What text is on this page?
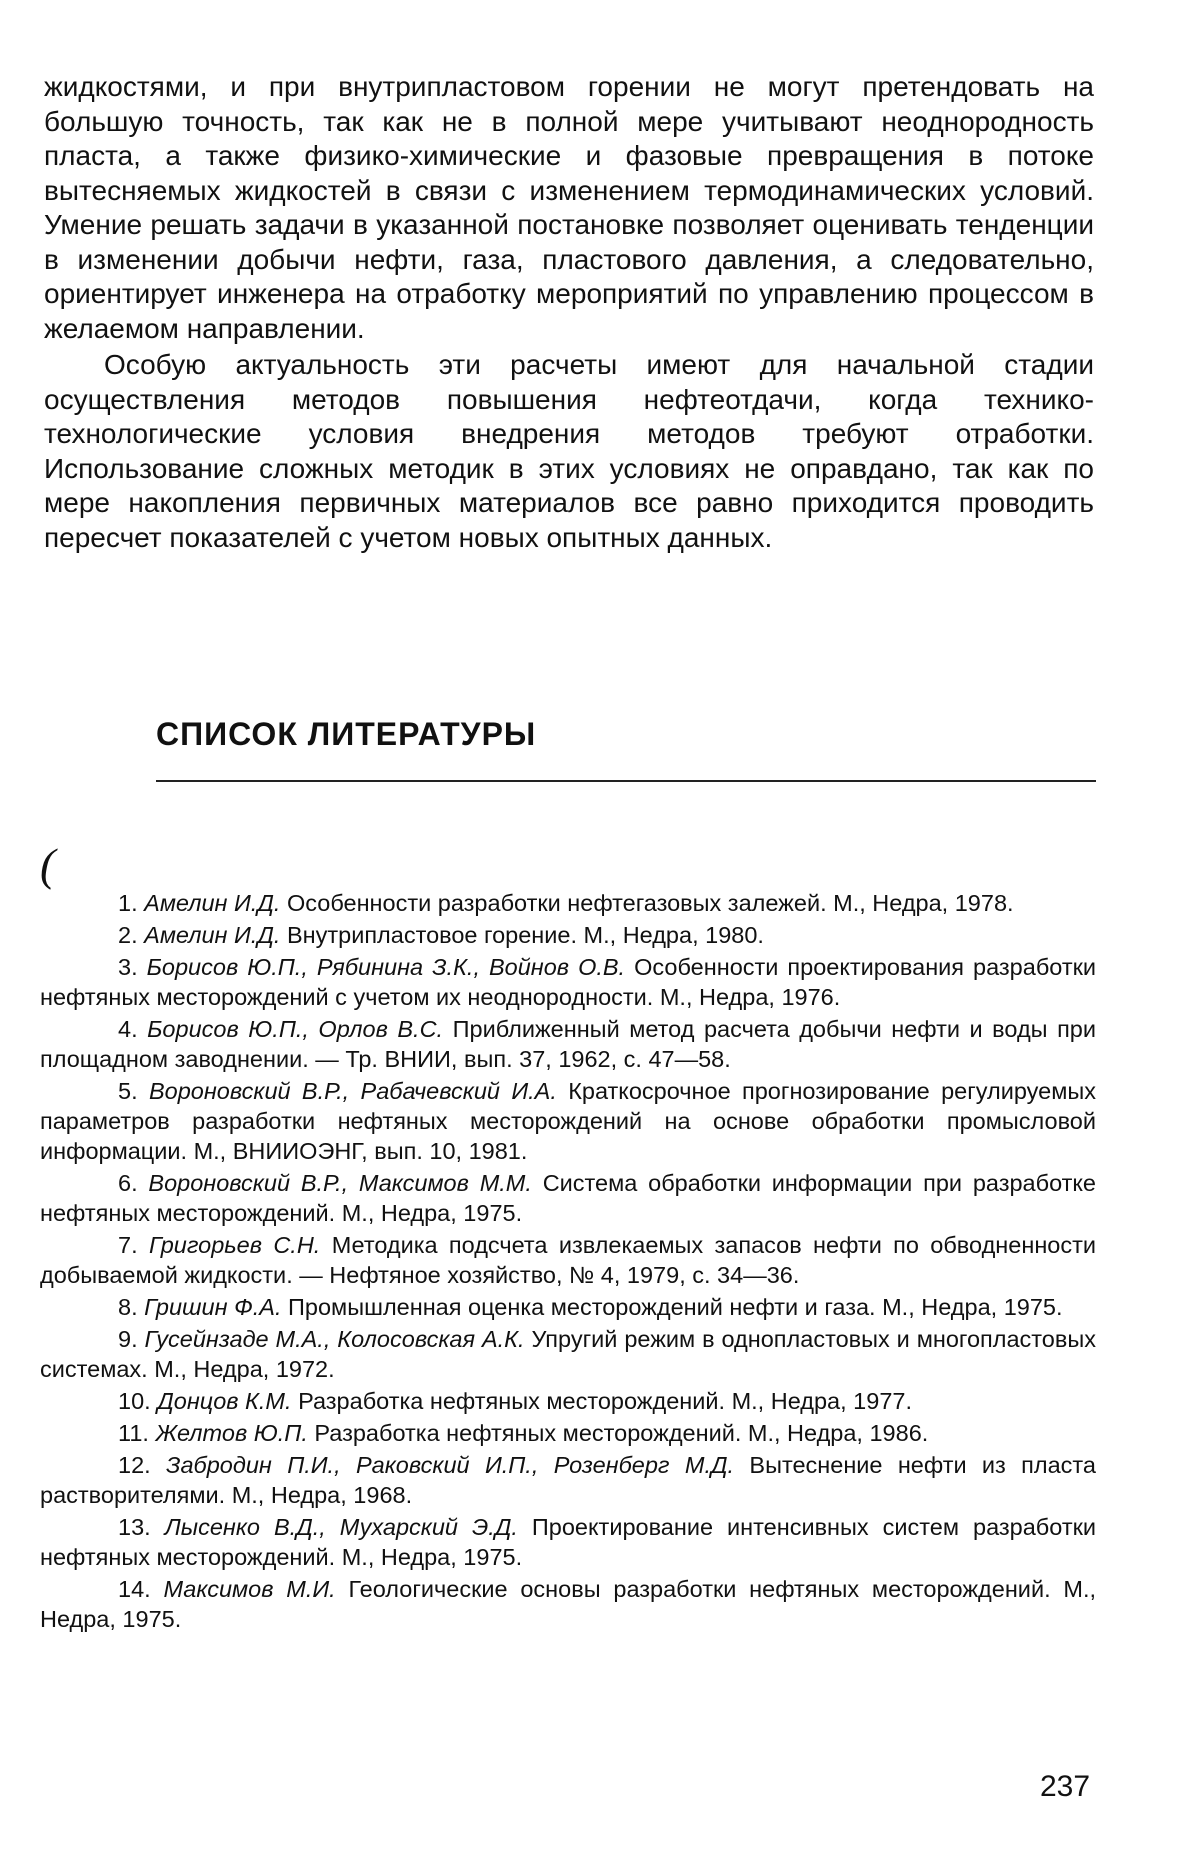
жидкостями, и при внутрипластовом горении не могут претендовать на большую точность, так как не в полной мере учитывают неоднородность пласта, а также физико-химические и фазовые превращения в потоке вытесняемых жидкостей в связи с изменением термодинамических условий. Умение решать задачи в указанной постановке позволяет оценивать тенденции в изменении добычи нефти, газа, пластового давления, а следовательно, ориентирует инженера на отработку мероприятий по управлению процессом в желаемом направлении.

Особую актуальность эти расчеты имеют для начальной стадии осуществления методов повышения нефтеотдачи, когда технико-технологические условия внедрения методов требуют отработки. Использование сложных методик в этих условиях не оправдано, так как по мере накопления первичных материалов все равно приходится проводить пересчет показателей с учетом новых опытных данных.

СПИСОК ЛИТЕРАТУРЫ
(
1. Амелин И.Д. Особенности разработки нефтегазовых залежей. М., Недра, 1978.
2. Амелин И.Д. Внутрипластовое горение. М., Недра, 1980.
3. Борисов Ю.П., Рябинина З.К., Войнов О.В. Особенности проектирования разработки нефтяных месторождений с учетом их неоднородности. М., Недра, 1976.
4. Борисов Ю.П., Орлов В.С. Приближенный метод расчета добычи нефти и воды при площадном заводнении. — Тр. ВНИИ, вып. 37, 1962, с. 47—58.
5. Вороновский В.Р., Рабачевский И.А. Краткосрочное прогнозирование регулируемых параметров разработки нефтяных месторождений на основе обработки промысловой информации. М., ВНИИОЭНГ, вып. 10, 1981.
6. Вороновский В.Р., Максимов М.М. Система обработки информации при разработке нефтяных месторождений. М., Недра, 1975.
7. Григорьев С.Н. Методика подсчета извлекаемых запасов нефти по обводненности добываемой жидкости. — Нефтяное хозяйство, № 4, 1979, с. 34—36.
8. Гришин Ф.А. Промышленная оценка месторождений нефти и газа. М., Недра, 1975.
9. Гусейнзаде М.А., Колосовская А.К. Упругий режим в однопластовых и многопластовых системах. М., Недра, 1972.
10. Донцов К.М. Разработка нефтяных месторождений. М., Недра, 1977.
11. Желтов Ю.П. Разработка нефтяных месторождений. М., Недра, 1986.
12. Забродин П.И., Раковский И.П., Розенберг М.Д. Вытеснение нефти из пласта растворителями. М., Недра, 1968.
13. Лысенко В.Д., Мухарский Э.Д. Проектирование интенсивных систем разработки нефтяных месторождений. М., Недра, 1975.
14. Максимов М.И. Геологические основы разработки нефтяных месторождений. М., Недра, 1975.
237
